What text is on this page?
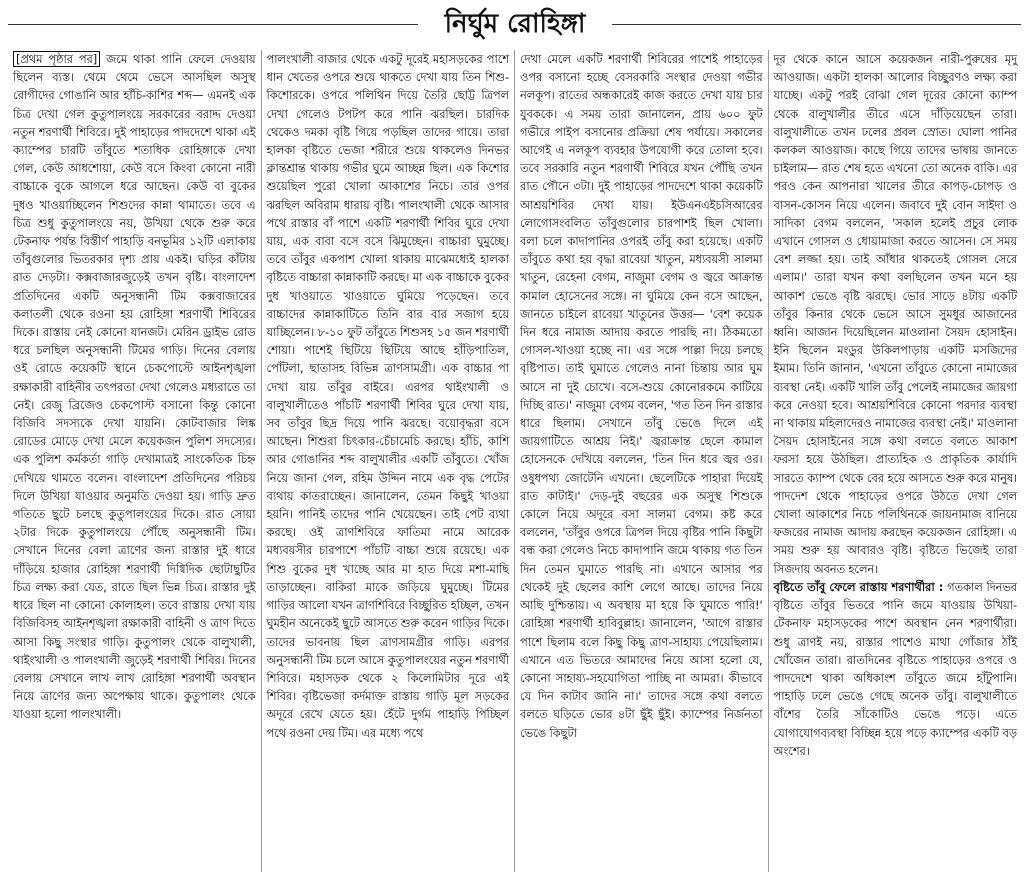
নির্ঘুম রোহিঙ্গা

[প্রথম পৃষ্ঠার পর] জমে থাকা পানি ফেলে দেওয়ায় ছিলেন ব্যস্ত। থেমে থেমে ভেসে আসছিল অসুস্থ রোগীদের গোঙানি আর হাঁচি-কাশির শব্দ— এমনই এক চিত্র দেখা গেল কুতুপালংয়ে সরকারের বরাদ্দ দেওয়া নতুন শরণার্থী শিবিরে। দুই পাহাড়ের পাদদেশে থাকা এই ক্যাম্পের চারটি তাঁবুতে শতাধিক রোহিঙ্গাকে দেখা গেল, কেউ আধশোয়া, কেউ বসে কিংবা কোনো নারী বাচ্চাকে বুকে আগলে ধরে আছেন। কেউ বা বুকের দুধও খাওয়াচ্ছিলেন শিশুদের কান্না থামাতে। তবে এ চিত্র শুধু কুতুপালংয়ে নয়, উখিয়া থেকে শুরু করে টেকনাফ পর্যন্ত বিস্তীর্ণ পাহাড়ি বনভূমির ১২টি এলাকায় তাঁবুগুলোর ভিতরকার দৃশ্য প্রায় একই। ঘড়ির কাঁটায় রাত দেড়টা। কক্সবাজারজুড়েই তখন বৃষ্টি। বাংলাদেশ প্রতিদিনের একটি অনুসন্ধানী টিম কক্সবাজারের কলাতলী থেকে রওনা হয় রোহিঙ্গা শরণার্থী শিবিরের দিকে। রাস্তায় নেই কোনো যানজট। মেরিন ড্রাইভ রোড ধরে চলছিল অনুসন্ধানী টিমের গাড়ি। দিনের বেলায় ওই রোডে কয়েকটি স্থানে চেকপোস্টে আইনশৃঙ্খলা রক্ষাকারী বাহিনীর তৎপরতা দেখা গেলেও মধ্যরাতে তা নেই। রেজু ব্রিজেও চেকপোস্ট বসানো কিন্তু কোনো বিজিবি সদস্যকে দেখা যায়নি। কোটবাজার লিঙ্ক রোডের মোড়ে দেখা মেলে কয়েকজন পুলিশ সদস্যের। এক পুলিশ কর্মকর্তা গাড়ি দেখামাত্রই সাংকেতিক চিহ্ন দেখিয়ে থামতে বলেন। বাংলাদেশ প্রতিদিনের পরিচয় দিলে উখিয়া যাওয়ার অনুমতি দেওয়া হয়। গাড়ি দ্রুত গতিতে ছুটে চলছে কুতুপালংয়ের দিকে। রাত সোয়া ২টার দিকে কুতুপালংয়ে পৌঁছে অনুসন্ধানী টিম। সেখানে দিনের বেলা ত্রাণের জন্য রাস্তার দুই ধারে দাঁড়িয়ে হাজার রোহিঙ্গা শরণার্থী দিগ্বিদিক ছোটাছুটির চিত্র লক্ষ্য করা যেত, রাতে ছিল ভিন্ন চিত্র। রাস্তার দুই ধারে ছিল না কোনো কোলাহল। তবে রাস্তায় দেখা যায় বিজিবিসহ আইনশৃঙ্খলা রক্ষাকারী বাহিনী ও ত্রাণ দিতে আসা কিছু সংস্থার গাড়ি। কুতুপালং থেকে বালুখালী, থাইংখালী ও পালংখালী জুড়েই শরণার্থী শিবির। দিনের বেলায় সেখানে লাখ লাখ রোহিঙ্গা শরণার্থী অবস্থান নিয়ে ত্রাণের জন্য অপেক্ষায় থাকে। কুতুপালং থেকে যাওয়া হলো পালংখালী।

পালংখালী বাজার থেকে একটু দূরেই মহাসড়কের পাশে ধান খেতের ওপরে শুয়ে থাকতে দেখা যায় তিন শিশু-কিশোরকে। ওপরে পলিথিন দিয়ে তৈরি ছোট্ট ত্রিপল দেখা গেলেও টপটপ করে পানি ঝরছিল। চারদিক থেকেও দমকা বৃষ্টি গিয়ে পড়ছিল তাদের গায়ে। তারা হালকা বৃষ্টিতে ভেজা শরীরে শুয়ে থাকলেও দিনভর ক্লান্তশ্রান্ত থাকায় গভীর ঘুমে আচ্ছন্ন ছিল। এক কিশোর শুয়েছিল পুরো খোলা আকাশের নিচে। তার ওপর ঝরছিল অবিরাম ধারায় বৃষ্টি। পালংখালী থেকে আসার পথে রাস্তার বাঁ পাশে একটি শরণার্থী শিবির ঘুরে দেখা যায়, এক বাবা বসে বসে ঝিমুচ্ছেন। বাচ্চারা ঘুমুচ্ছে। তবে তাঁবুর একপাশ খোলা থাকায় মাঝেমধ্যেই হালকা বৃষ্টিতে বাচ্চারা কান্নাকাটি করছে। মা এক বাচ্চাকে বুকের দুধ খাওয়াতে খাওয়াতে ঘুমিয়ে পড়েছেন। তবে বাচ্চাদের কান্নাকাটিতে তিনি বার বার সজাগ হয়ে যাচ্ছিলেন। ৮-১০ ফুট তাঁবুতে শিশুসহ ১৫ জন শরণার্থী শোয়া। পাশেই ছিটিয়ে ছিটিয়ে আছে হাঁড়িপাতিল, পোঁটলা, ছাতাসহ বিভিন্ন ত্রাণসামগ্রী। এক বাচ্চার পা দেখা যায় তাঁবুর বাইরে। এরপর থাইংখালী ও বালুখালীতেও পাঁচটি শরণার্থী শিবির ঘুরে দেখা যায়, সব তাঁবুর ছিদ্র দিয়ে পানি ঝরছে। বয়োবৃদ্ধরা বসে আছেন। শিশুরা চিৎকার-চেঁচামেচি করছে। হাঁচি, কাশি আর গোঙানির শব্দ বালুখালীর একটি তাঁবুতে। খোঁজ নিয়ে জানা গেল, রহিম উদ্দিন নামে এক বৃদ্ধ পেটের ব্যথায় কাতরাচ্ছেন। জানালেন, তেমন কিছুই খাওয়া হয়নি। পানিই তাদের পানি খেয়েছেন। তাই পেট ব্যথা করছে। ওই ত্রাণশিবিরে ফাতিমা নামে আরেক মধ্যবয়সীর চারপাশে পাঁচটি বাচ্চা শুয়ে রয়েছে। এক শিশু বুকের দুধ খাচ্ছে আর মা হাত দিয়ে মশা-মাছি তাড়াচ্ছেন। বাকিরা মাকে জড়িয়ে ঘুমুচ্ছে। টিমের গাড়ির আলো যখন ত্রাণশিবিরে বিচ্ছুরিত হচ্ছিল, তখন ঘুমহীন অনেকেই ছুটে আসতে শুরু করেন গাড়ির দিকে। তাদের ভাবনায় ছিল ত্রাণসামগ্রীর গাড়ি। এরপর অনুসন্ধানী টিম চলে আসে কুতুপালংয়ের নতুন শরণার্থী শিবিরে। মহাসড়ক থেকে ২ কিলোমিটার দূরে এই শিবির। বৃষ্টিভেজা কর্দমাক্ত রাস্তায় গাড়ি মূল সড়কের অদূরে রেখে যেতে হয়। হেঁটে দুর্গম পাহাড়ি পিচ্ছিল পথে রওনা দেয় টিম। এর মধ্যে পথে

দেখা মেলে একটি শরণার্থী শিবিরের পাশেই পাহাড়ের ওপর বসানো হচ্ছে বেসরকারি সংস্থার দেওয়া গভীর নলকূপ। রাতের অন্ধকারেই কাজ করতে দেখা যায় চার যুবককে। এ সময় তারা জানালেন, প্রায় ৬০০ ফুট গভীরে পাইপ বসানোর প্রক্রিয়া শেষ পর্যায়ে। সকালের আগেই এ নলকূপ ব্যবহার উপযোগী করে তোলা হবে। তবে সরকারি নতুন শরণার্থী শিবিরে যখন পৌঁছি তখন রাত পৌনে ৩টা। দুই পাহাড়ের পাদদেশে থাকা কয়েকটি আশ্রয়শিবির দেখা যায়। ইউএনএইচসিআরের লোগোসংবলিত তাঁবুগুলোর চারপাশই ছিল খোলা। বলা চলে কাদাপানির ওপরই তাঁবু করা হয়েছে। একটি তাঁবুতে কথা হয় বৃদ্ধা রাবেয়া খাতুন, মধ্যবয়সী সালমা খাতুন, রেহেনা বেগম, নাজুমা বেগম ও জ্বরে আক্রান্ত কামাল হোসেনের সঙ্গে। না ঘুমিয়ে কেন বসে আছেন, জানতে চাইলে রাবেয়া খাতুনের উত্তর— 'বেশ কয়েক দিন ধরে নামাজ আদায় করতে পারছি না। ঠিকমতো গোসল-খাওয়া হচ্ছে না। এর সঙ্গে পাল্লা দিয়ে চলছে বৃষ্টিপাত। তাই ঘুমাতে গেলেও নানা চিন্তায় আর ঘুম আসে না দুই চোখে। বসে-শুয়ে কোনোরকমে কাটিয়ে দিচ্ছি রাত।' নাজুমা বেগম বলেন, 'গত তিন দিন রাস্তার ধারে ছিলাম। সেখানে তাঁবু ভেঙে দিলে এই জায়গাটিতে আশ্রয় নিই।' জ্বরাক্রান্ত ছেলে কামাল হোসেনকে দেখিয়ে বললেন, 'তিন দিন ধরে জ্বর ওর। ওষুধপথ্য জোটেনি এখনো। ছেলেটিকে পাহারা দিয়েই রাত কাটাই।' দেড়-দুই বছরের এক অসুস্থ শিশুকে কোলে নিয়ে অদূরে বসা সালমা বেগম। কষ্ট করে বললেন, 'তাঁবুর ওপরে ত্রিপল দিয়ে বৃষ্টির পানি কিছুটা বন্ধ করা গেলেও নিচে কাদাপানি জমে থাকায় গত তিন দিন তেমন ঘুমাতে পারছি না। এখানে আসার পর থেকেই দুই ছেলের কাশি লেগে আছে। তাদের নিয়ে আছি দুশ্চিন্তায়। এ অবস্থায় মা হয়ে কি ঘুমাতে পারি!' রোহিঙ্গা শরণার্থী হাবিবুল্লাহ। জানালেন, 'আগে রাস্তার পাশে ছিলাম বলে কিছু কিছু ত্রাণ-সাহায্য পেয়েছিলাম। এখানে এত ভিতরে আমাদের নিয়ে আসা হলো যে, কোনো সাহায্য-সহযোগিতা পাচ্ছি না আমরা। কীভাবে যে দিন কাটাব জানি না।' তাদের সঙ্গে কথা বলতে বলতে ঘড়িতে ভোর ৪টা ছুঁই ছুঁই। ক্যাম্পের নির্জনতা ভেঙে কিছুটা

দূর থেকে কানে আসে কয়েকজন নারী-পুরুষের মৃদু আওয়াজ। একটা হালকা আলোর বিচ্ছুরণও লক্ষ্য করা যাচ্ছে। একটু পরই বোঝা গেল দূরের কোনো ক্যাম্প থেকে বালুখালীর তীরে এসে দাঁড়িয়েছেন তারা। বালুখালীতে তখন ঢলের প্রবল স্রোত। ঘোলা পানির কলকল আওয়াজ। কাছে গিয়ে তাদের ভাষায় জানতে চাইলাম— রাত শেষ হতে এখনো তো অনেক বাকি। এর পরও কেন আপনারা খালের তীরে কাপড়-চোপড় ও বাসন-কোসন নিয়ে এলেন। জবাবে দুই বোন সাইদা ও সাদিকা বেগম বললেন, 'সকাল হলেই প্রচুর লোক এখানে গোসল ও ধোয়ামাজা করতে আসেন। সে সময় বেশ লজ্জা হয়। তাই আঁধার থাকতেই গোসল সেরে এলাম।' তারা যখন কথা বলছিলেন তখন মনে হয় আকাশ ভেঙে বৃষ্টি ঝরছে। ভোর সাড়ে ৪টায় একটি তাঁবুর কিনার থেকে ভেসে আসে সুমধুর আজানের ধ্বনি। আজান দিয়েছিলেন মাওলানা সৈয়দ হোসাইন। ইনি ছিলেন মংডুর উকিলপাড়ায় একটি মসজিদের ইমাম। তিনি জানান, 'এখনো তাঁবুতে কোনো নামাজের ব্যবস্থা নেই। একটি খালি তাঁবু পেলেই নামাজের জায়গা করে নেওয়া হবে। আশ্রয়শিবিরে কোনো পরদার ব্যবস্থা না থাকায় মহিলাদেরও নামাজের ব্যবস্থা নেই।' মাওলানা সৈয়দ হোসাইনের সঙ্গে কথা বলতে বলতে আকাশ ফরসা হয়ে উঠছিল। প্রাত্যহিক ও প্রাকৃতিক কার্যাদি সারতে ক্যাম্প থেকে বের হয়ে আসতে শুরু করে মানুষ। পাদদেশ থেকে পাহাড়ের ওপরে উঠতে দেখা গেল খোলা আকাশের নিচে পলিথিনকে জায়নামাজ বানিয়ে ফজরের নামাজ আদায় করছেন কয়েকজন রোহিঙ্গা। এ সময় শুরু হয় আবারও বৃষ্টি। বৃষ্টিতে ভিজেই তারা সিজদায় অবনত হলেন।

বৃষ্টিতে তাঁবু ফেলে রাস্তায় শরণার্থীরা : গতকাল দিনভর বৃষ্টিতে তাঁবুর ভিতরে পানি জমে যাওয়ায় উখিয়া-টেকনাফ মহাসড়কের পাশে অবস্থান নেন শরণার্থীরা। শুধু ত্রাণই নয়, রাস্তার পাশেও মাথা গোঁজার ঠাঁই খোঁজেন তারা। রাতদিনের বৃষ্টিতে পাহাড়ের ওপরে ও পাদদেশে থাকা অধিকাংশ তাঁবুতে জমে হাঁটুপানি। পাহাড়ি ঢলে ভেঙে গেছে অনেক তাঁবু। বালুখালীতে বাঁশের তৈরি সাঁকোটিও ভেঙে পড়ে। এতে যোগাযোগব্যবস্থা বিচ্ছিন্ন হয়ে পড়ে ক্যাম্পের একটি বড় অংশের।
